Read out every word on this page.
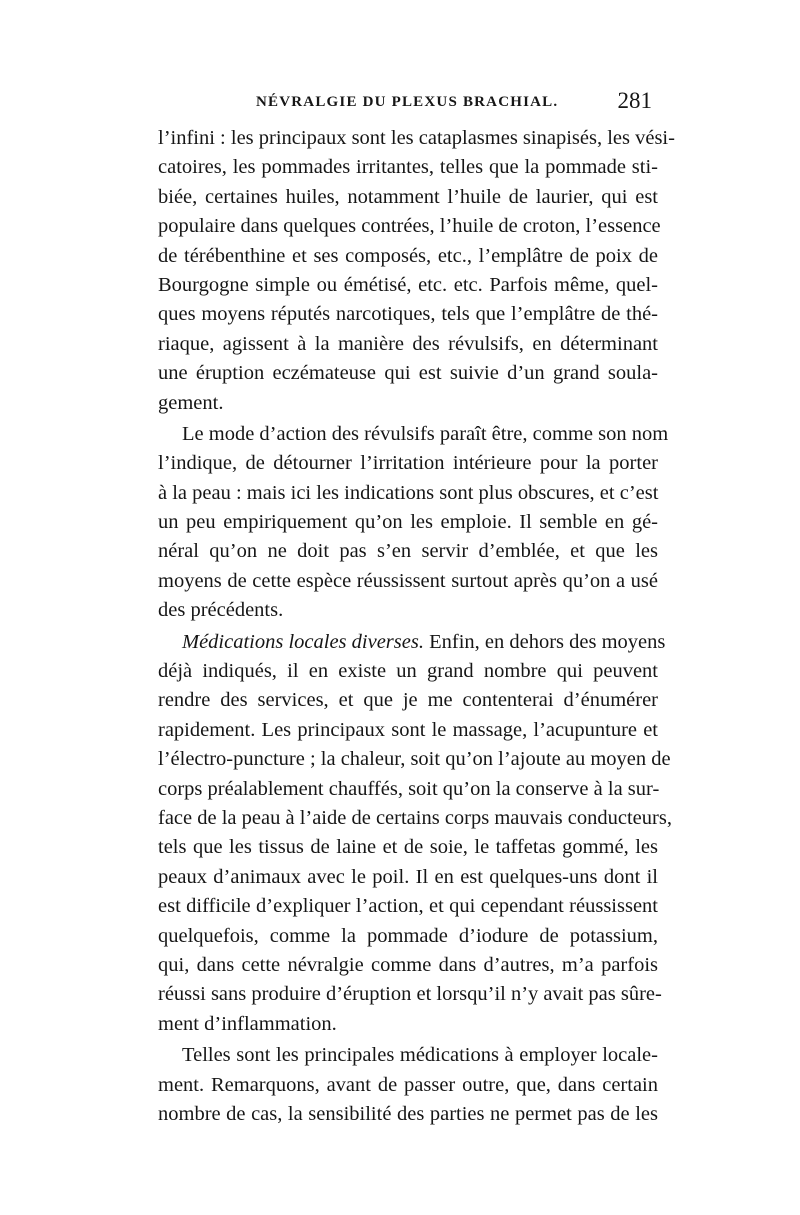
NÉVRALGIE DU PLEXUS BRACHIAL.	281
l’infini : les principaux sont les cataplasmes sinapisés, les vési-
catoires, les pommades irritantes, telles que la pommade sti-
biée, certaines huiles, notamment l’huile de laurier, qui est
populaire dans quelques contrées, l’huile de croton, l’essence
de térébenthine et ses composés, etc., l’emplâtre de poix de
Bourgogne simple ou émétisé, etc. etc. Parfois même, quel-
ques moyens réputés narcotiques, tels que l’emplâtre de thé-
riaque, agissent à la manière des révulsifs, en déterminant
une éruption eczémateuse qui est suivie d’un grand soula-
gement.
Le mode d’action des révulsifs paraît être, comme son nom
l’indique, de détourner l’irritation intérieure pour la porter
à la peau : mais ici les indications sont plus obscures, et c’est
un peu empiriquement qu’on les emploie. Il semble en gé-
néral qu’on ne doit pas s’en servir d’emblée, et que les
moyens de cette espèce réussissent surtout après qu’on a usé
des précédents.
Médications locales diverses. Enfin, en dehors des moyens
déjà indiqués, il en existe un grand nombre qui peuvent
rendre des services, et que je me contenterai d’énumérer
rapidement. Les principaux sont le massage, l’acupunture et
l’électro-puncture ; la chaleur, soit qu’on l’ajoute au moyen de
corps préalablement chauffés, soit qu’on la conserve à la sur-
face de la peau à l’aide de certains corps mauvais conducteurs,
tels que les tissus de laine et de soie, le taffetas gommé, les
peaux d’animaux avec le poil. Il en est quelques-uns dont il
est difficile d’expliquer l’action, et qui cependant réussissent
quelquefois, comme la pommade d’iodure de potassium,
qui, dans cette névralgie comme dans d’autres, m’a parfois
réussi sans produire d’éruption et lorsqu’il n’y avait pas sûre-
ment d’inflammation.
Telles sont les principales médications à employer locale-
ment. Remarquons, avant de passer outre, que, dans certain
nombre de cas, la sensibilité des parties ne permet pas de les
